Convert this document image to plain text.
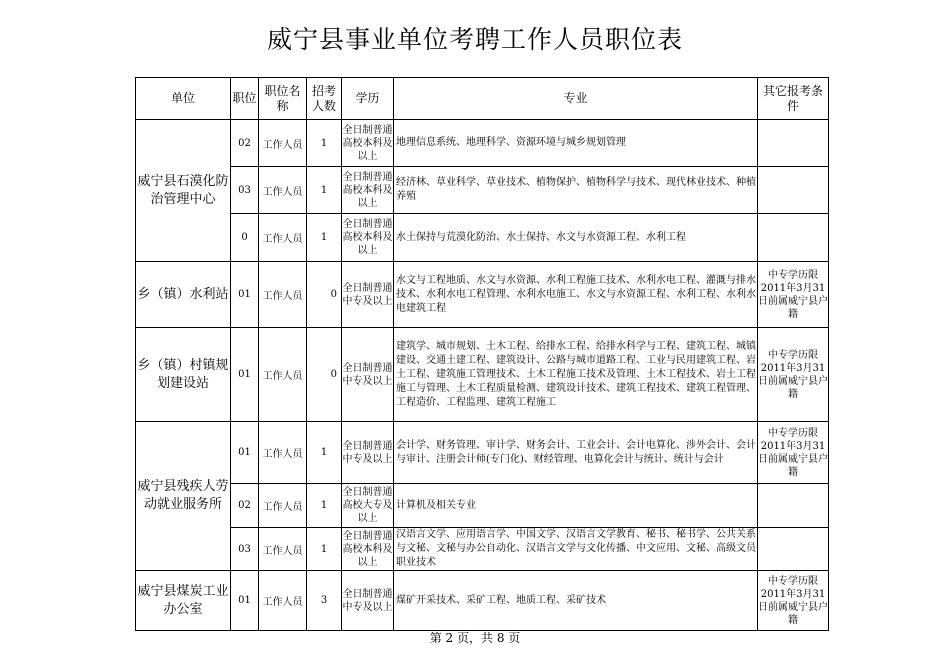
威宁县事业单位考聘工作人员职位表
单位	职位	职位名称	招考人数	学历	专业	其它报考条件
威宁县石漠化防治管理中心	02	工作人员	1	全日制普通高校本科及以上	地理信息系统、地理科学、资源环境与城乡规划管理	
	03	工作人员	1	全日制普通高校本科及以上	经济林、草业科学、草业技术、植物保护、植物科学与技术、现代林业技术、种植养殖	
	0	工作人员	1	全日制普通高校本科及以上	水土保持与荒漠化防治、水土保持、水文与水资源工程、水利工程	
乡（镇）水利站	01	工作人员	0	全日制普通中专及以上	水文与工程地质、水文与水资源、水利工程施工技术、水利水电工程、灌溉与排水技术、水利水电工程管理、水利水电施工、水文与水资源工程、水利工程、水利水电建筑工程	中专学历限2011年3月31日前属威宁县户籍
乡（镇）村镇规划建设站	01	工作人员	0	全日制普通中专及以上	建筑学、城市规划、土木工程、给排水工程、给排水科学与工程、建筑工程、城镇建设、交通土建工程、建筑设计、公路与城市道路工程、工业与民用建筑工程、岩土工程、建筑施工管理技术、土木工程施工技术及管理、土木工程技术、岩土工程施工与管理、土木工程质量检测、建筑设计技术、建筑工程技术、建筑工程管理、工程造价、工程监理、建筑工程施工	中专学历限2011年3月31日前属威宁县户籍
威宁县残疾人劳动就业服务所	01	工作人员	1	全日制普通中专及以上	会计学、财务管理、审计学、财务会计、工业会计、会计电算化、涉外会计、会计与审计、注册会计师(专门化)、财经管理、电算化会计与统计、统计与会计	中专学历限2011年3月31日前属威宁县户籍
	02	工作人员	1	全日制普通高校大专及以上	计算机及相关专业	
	03	工作人员	1	全日制普通高校本科及以上	汉语言文学、应用语言学、中国文学、汉语言文学教育、秘书、秘书学、公共关系与文秘、文秘与办公自动化、汉语言文学与文化传播、中文应用、文秘、高级文员职业技术	
威宁县煤炭工业办公室	01	工作人员	3	全日制普通中专及以上	煤矿开采技术、采矿工程、地质工程、采矿技术	中专学历限2011年3月31日前属威宁县户籍
第 2 页，共 8 页
